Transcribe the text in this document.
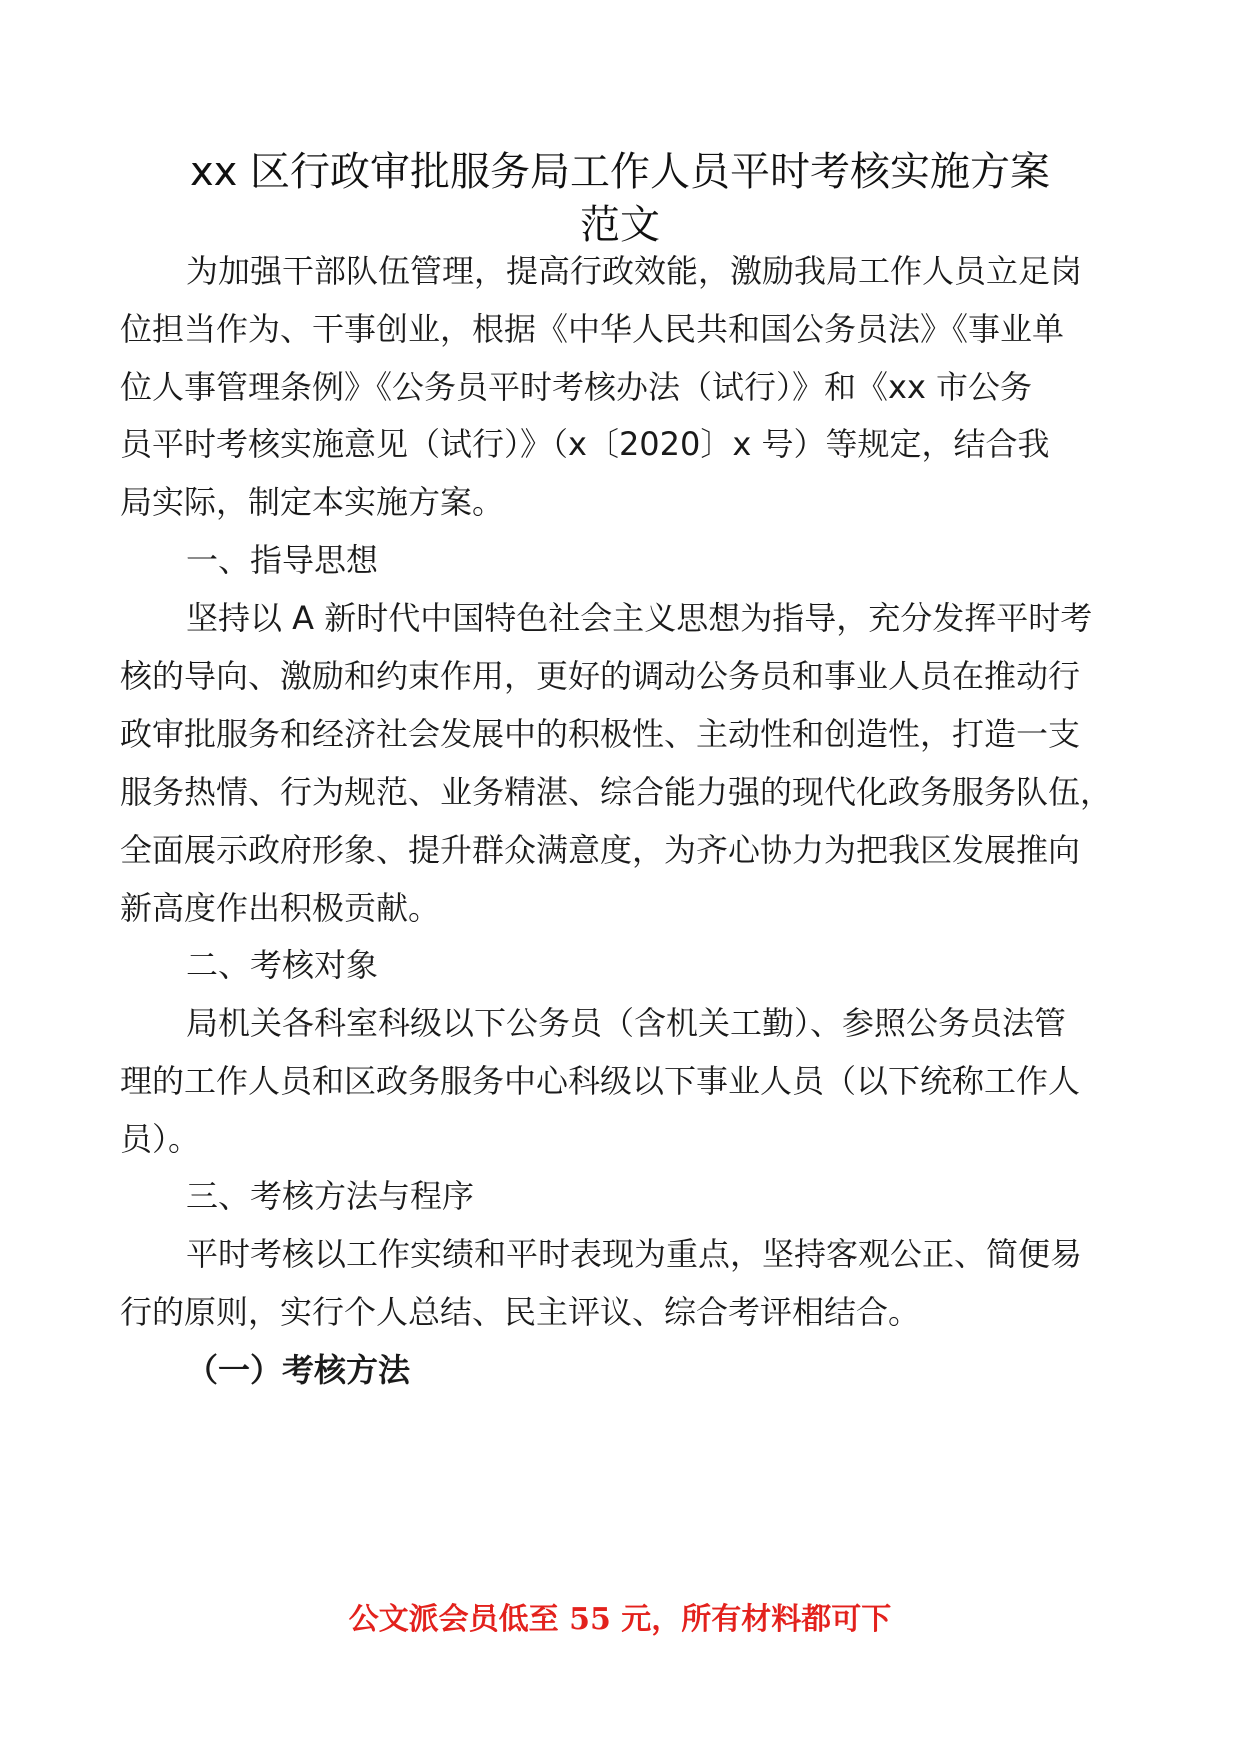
xx 区行政审批服务局工作人员平时考核实施方案
范文
为加强干部队伍管理，提高行政效能，激励我局工作人员立足岗
位担当作为、干事创业，根据《中华人民共和国公务员法》《事业单
位人事管理条例》《公务员平时考核办法（试行）》和《xx 市公务
员平时考核实施意见（试行）》（x〔2020〕x 号）等规定，结合我
局实际，制定本实施方案。
一、指导思想
坚持以 A 新时代中国特色社会主义思想为指导，充分发挥平时考
核的导向、激励和约束作用，更好的调动公务员和事业人员在推动行
政审批服务和经济社会发展中的积极性、主动性和创造性，打造一支
服务热情、行为规范、业务精湛、综合能力强的现代化政务服务队伍，
全面展示政府形象、提升群众满意度，为齐心协力为把我区发展推向
新高度作出积极贡献。
二、考核对象
局机关各科室科级以下公务员（含机关工勤）、参照公务员法管
理的工作人员和区政务服务中心科级以下事业人员（以下统称工作人
员）。
三、考核方法与程序
平时考核以工作实绩和平时表现为重点，坚持客观公正、简便易
行的原则，实行个人总结、民主评议、综合考评相结合。
（一）考核方法
公文派会员低至 55 元，所有材料都可下
